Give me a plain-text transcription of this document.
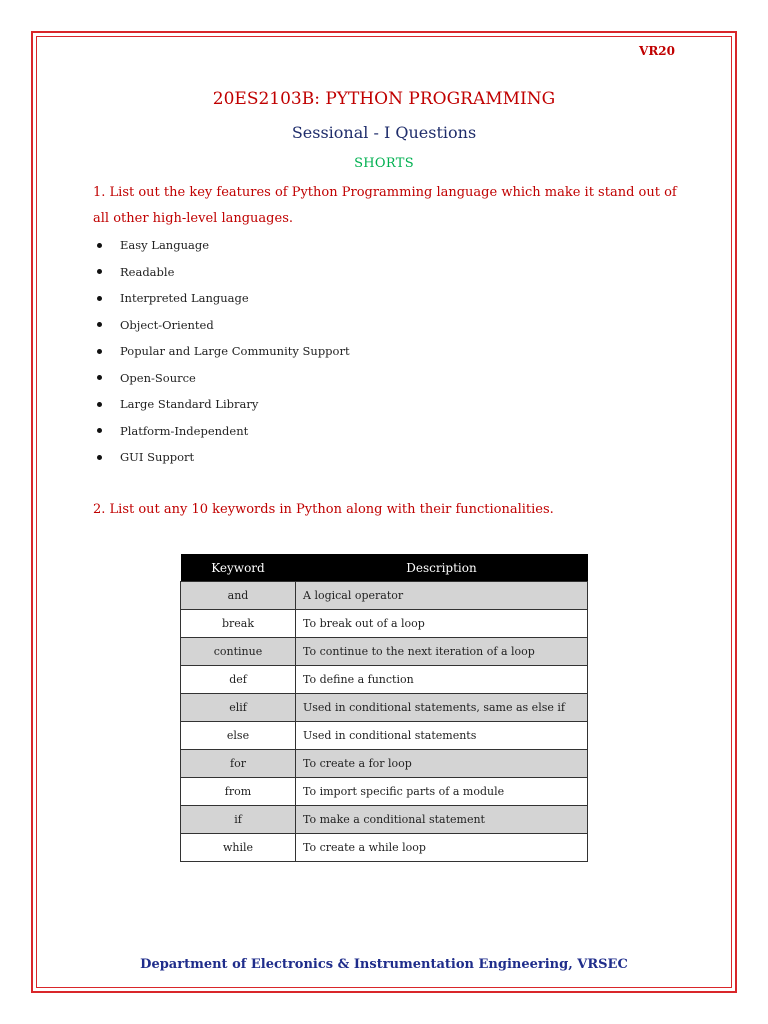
VR20
20ES2103B: PYTHON PROGRAMMING
Sessional - I Questions
SHORTS

1. List out the key features of Python Programming language which make it stand out of all other high-level languages.

Easy Language
Readable
Interpreted Language
Object-Oriented
Popular and Large Community Support
Open-Source
Large Standard Library
Platform-Independent
GUI Support

2. List out any 10 keywords in Python along with their functionalities.

Keyword	Description
and	A logical operator
break	To break out of a loop
continue	To continue to the next iteration of a loop
def	To define a function
elif	Used in conditional statements, same as else if
else	Used in conditional statements
for	To create a for loop
from	To import specific parts of a module
if	To make a conditional statement
while	To create a while loop
Department of Electronics & Instrumentation Engineering, VRSEC
